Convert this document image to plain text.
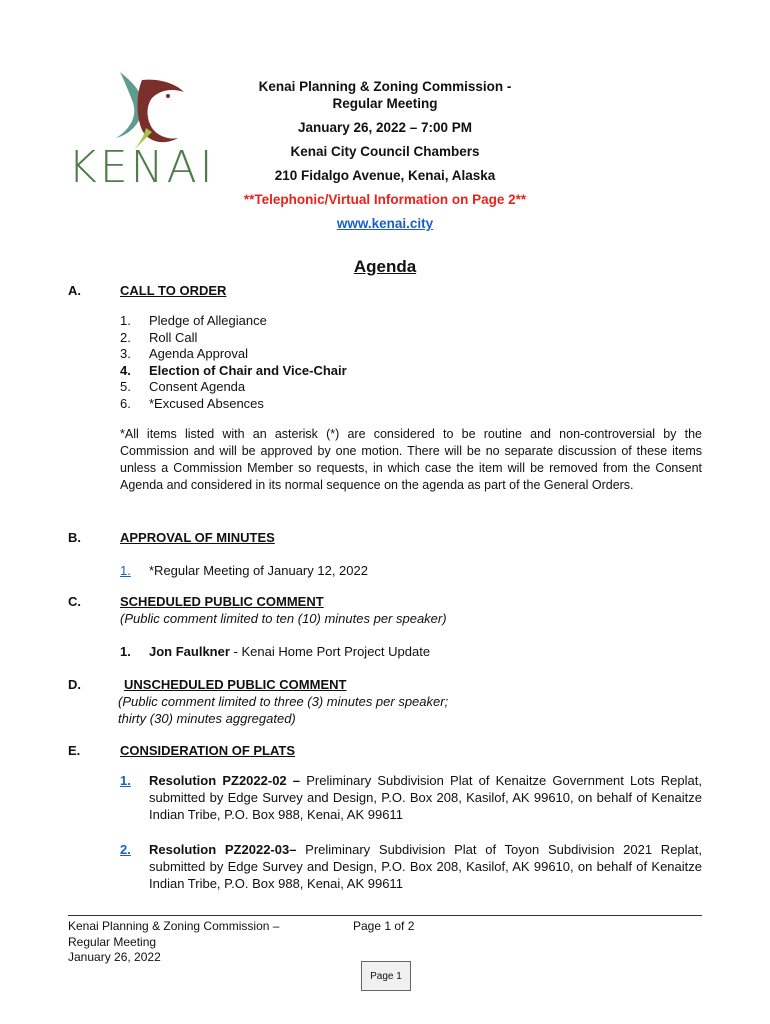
KENAI
Kenai Planning & Zoning Commission -
Regular Meeting
January 26, 2022 – 7:00 PM
Kenai City Council Chambers
210 Fidalgo Avenue, Kenai, Alaska
**Telephonic/Virtual Information on Page 2**
www.kenai.city
Agenda
A.	CALL TO ORDER
1.	Pledge of Allegiance
2.	Roll Call
3.	Agenda Approval
4.	Election of Chair and Vice-Chair
5.	Consent Agenda
6.	*Excused Absences
*All items listed with an asterisk (*) are considered to be routine and non-controversial by the Commission and will be approved by one motion. There will be no separate discussion of these items unless a Commission Member so requests, in which case the item will be removed from the Consent Agenda and considered in its normal sequence on the agenda as part of the General Orders.
B.	APPROVAL OF MINUTES
1.	*Regular Meeting of January 12, 2022
C.	SCHEDULED PUBLIC COMMENT
(Public comment limited to ten (10) minutes per speaker)
1.	Jon Faulkner - Kenai Home Port Project Update
D.	UNSCHEDULED PUBLIC COMMENT
(Public comment limited to three (3) minutes per speaker;
thirty (30) minutes aggregated)
E.	CONSIDERATION OF PLATS
1.	Resolution PZ2022-02 – Preliminary Subdivision Plat of Kenaitze Government Lots Replat, submitted by Edge Survey and Design, P.O. Box 208, Kasilof, AK 99610, on behalf of Kenaitze Indian Tribe, P.O. Box 988, Kenai, AK 99611
2.	Resolution PZ2022-03– Preliminary Subdivision Plat of Toyon Subdivision 2021 Replat, submitted by Edge Survey and Design, P.O. Box 208, Kasilof, AK 99610, on behalf of Kenaitze Indian Tribe, P.O. Box 988, Kenai, AK 99611
Kenai Planning & Zoning Commission –
Regular Meeting
January 26, 2022
Page 1 of 2
Page 1
